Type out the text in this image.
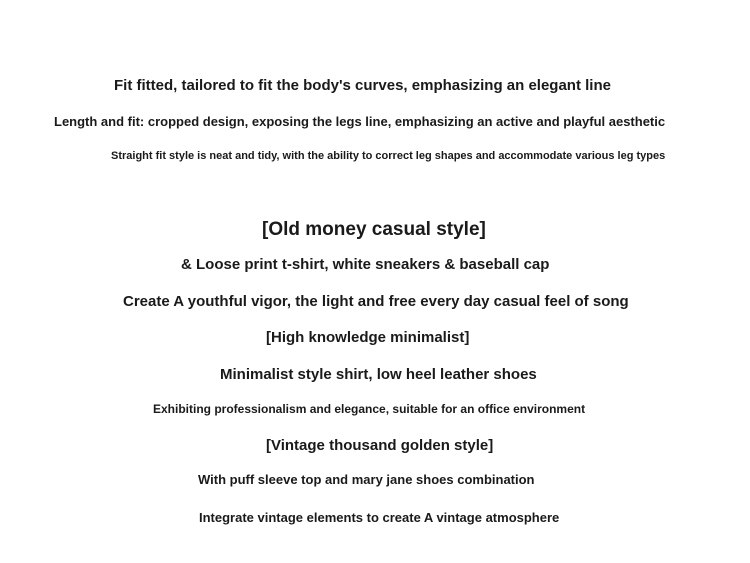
Fit fitted, tailored to fit the body's curves, emphasizing an elegant line
Length and fit: cropped design, exposing the legs line, emphasizing an active and playful aesthetic
Straight fit style is neat and tidy, with the ability to correct leg shapes and accommodate various leg types
[Old money casual style]
& Loose print t-shirt, white sneakers & baseball cap
Create A youthful vigor, the light and free every day casual feel of song
[High knowledge minimalist]
Minimalist style shirt, low heel leather shoes
Exhibiting professionalism and elegance, suitable for an office environment
[Vintage thousand golden style]
With puff sleeve top and mary jane shoes combination
Integrate vintage elements to create A vintage atmosphere
